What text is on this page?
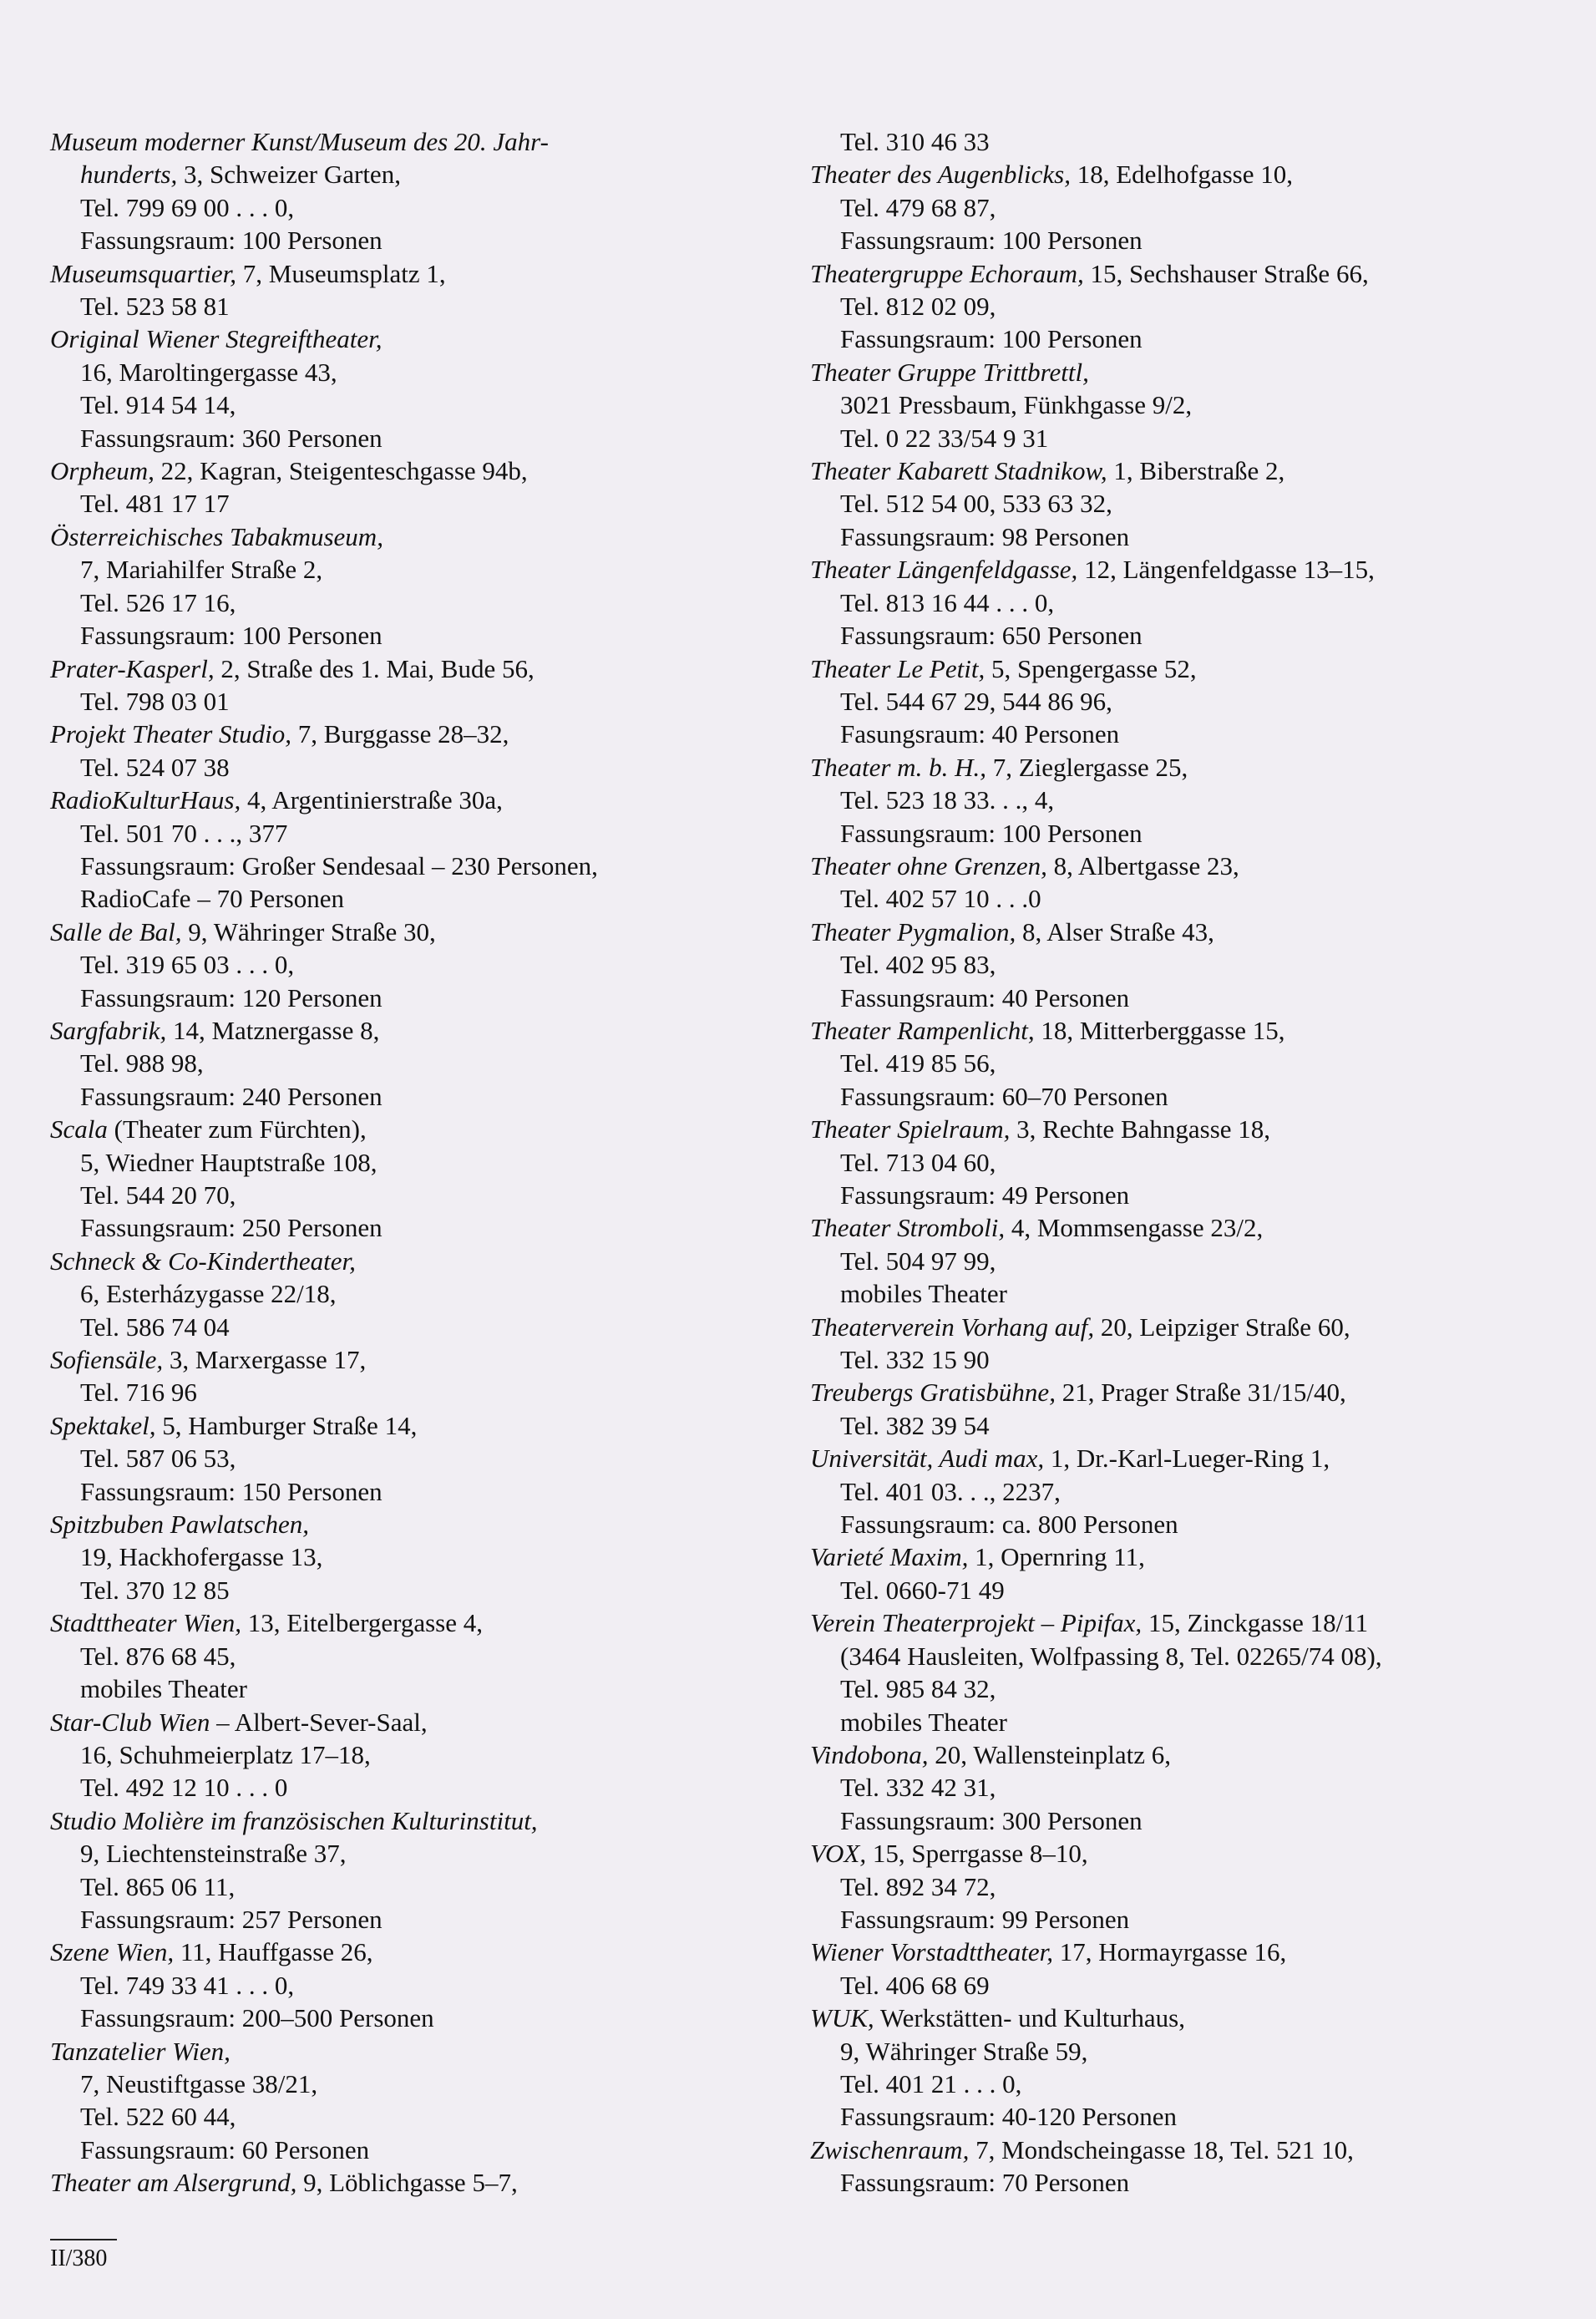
Museum moderner Kunst/Museum des 20. Jahr-
hunderts, 3, Schweizer Garten,
Tel. 799 69 00 . . . 0,
Fassungsraum: 100 Personen
Museumsquartier, 7, Museumsplatz 1,
Tel. 523 58 81
Original Wiener Stegreiftheater,
16, Maroltingergasse 43,
Tel. 914 54 14,
Fassungsraum: 360 Personen
Orpheum, 22, Kagran, Steigenteschgasse 94b,
Tel. 481 17 17
Österreichisches Tabakmuseum,
7, Mariahilfer Straße 2,
Tel. 526 17 16,
Fassungsraum: 100 Personen
Prater-Kasperl, 2, Straße des 1. Mai, Bude 56,
Tel. 798 03 01
Projekt Theater Studio, 7, Burggasse 28–32,
Tel. 524 07 38
RadioKulturHaus, 4, Argentinierstraße 30a,
Tel. 501 70 . . ., 377
Fassungsraum: Großer Sendesaal – 230 Personen,
RadioCafe – 70 Personen
Salle de Bal, 9, Währinger Straße 30,
Tel. 319 65 03 . . . 0,
Fassungsraum: 120 Personen
Sargfabrik, 14, Matznergasse 8,
Tel. 988 98,
Fassungsraum: 240 Personen
Scala (Theater zum Fürchten),
5, Wiedner Hauptstraße 108,
Tel. 544 20 70,
Fassungsraum: 250 Personen
Schneck & Co-Kindertheater,
6, Esterházygasse 22/18,
Tel. 586 74 04
Sofiensäle, 3, Marxergasse 17,
Tel. 716 96
Spektakel, 5, Hamburger Straße 14,
Tel. 587 06 53,
Fassungsraum: 150 Personen
Spitzbuben Pawlatschen,
19, Hackhofergasse 13,
Tel. 370 12 85
Stadttheater Wien, 13, Eitelbergergasse 4,
Tel. 876 68 45,
mobiles Theater
Star-Club Wien – Albert-Sever-Saal,
16, Schuhmeierplatz 17–18,
Tel. 492 12 10 . . . 0
Studio Molière im französischen Kulturinstitut,
9, Liechtensteinstraße 37,
Tel. 865 06 11,
Fassungsraum: 257 Personen
Szene Wien, 11, Hauffgasse 26,
Tel. 749 33 41 . . . 0,
Fassungsraum: 200–500 Personen
Tanzatelier Wien,
7, Neustiftgasse 38/21,
Tel. 522 60 44,
Fassungsraum: 60 Personen
Theater am Alsergrund, 9, Löblichgasse 5–7,
Tel. 310 46 33
Theater des Augenblicks, 18, Edelhofgasse 10,
Tel. 479 68 87,
Fassungsraum: 100 Personen
Theatergruppe Echoraum, 15, Sechshauser Straße 66,
Tel. 812 02 09,
Fassungsraum: 100 Personen
Theater Gruppe Trittbrettl,
3021 Pressbaum, Fünkhgasse 9/2,
Tel. 0 22 33/54 9 31
Theater Kabarett Stadnikow, 1, Biberstraße 2,
Tel. 512 54 00, 533 63 32,
Fassungsraum: 98 Personen
Theater Längenfeldgasse, 12, Längenfeldgasse 13–15,
Tel. 813 16 44 . . . 0,
Fassungsraum: 650 Personen
Theater Le Petit, 5, Spengergasse 52,
Tel. 544 67 29, 544 86 96,
Fasungsraum: 40 Personen
Theater m. b. H., 7, Zieglergasse 25,
Tel. 523 18 33. . ., 4,
Fassungsraum: 100 Personen
Theater ohne Grenzen, 8, Albertgasse 23,
Tel. 402 57 10 . . .0
Theater Pygmalion, 8, Alser Straße 43,
Tel. 402 95 83,
Fassungsraum: 40 Personen
Theater Rampenlicht, 18, Mitterberggasse 15,
Tel. 419 85 56,
Fassungsraum: 60–70 Personen
Theater Spielraum, 3, Rechte Bahngasse 18,
Tel. 713 04 60,
Fassungsraum: 49 Personen
Theater Stromboli, 4, Mommsengasse 23/2,
Tel. 504 97 99,
mobiles Theater
Theaterverein Vorhang auf, 20, Leipziger Straße 60,
Tel. 332 15 90
Treubergs Gratisbühne, 21, Prager Straße 31/15/40,
Tel. 382 39 54
Universität, Audi max, 1, Dr.-Karl-Lueger-Ring 1,
Tel. 401 03. . ., 2237,
Fassungsraum: ca. 800 Personen
Varieté Maxim, 1, Opernring 11,
Tel. 0660-71 49
Verein Theaterprojekt – Pipifax, 15, Zinckgasse 18/11
(3464 Hausleiten, Wolfpassing 8, Tel. 02265/74 08),
Tel. 985 84 32,
mobiles Theater
Vindobona, 20, Wallensteinplatz 6,
Tel. 332 42 31,
Fassungsraum: 300 Personen
VOX, 15, Sperrgasse 8–10,
Tel. 892 34 72,
Fassungsraum: 99 Personen
Wiener Vorstadttheater, 17, Hormayrgasse 16,
Tel. 406 68 69
WUK, Werkstätten- und Kulturhaus,
9, Währinger Straße 59,
Tel. 401 21 . . . 0,
Fassungsraum: 40-120 Personen
Zwischenraum, 7, Mondscheingasse 18, Tel. 521 10,
Fassungsraum: 70 Personen
II/380
